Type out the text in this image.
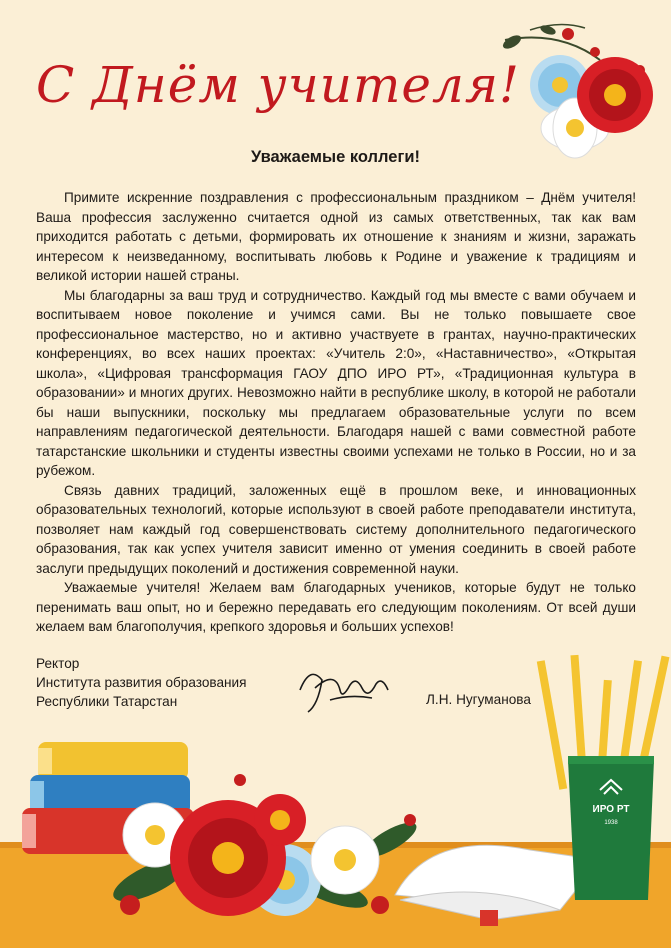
ИРО РТ
1938
С Днём учителя!
Уважаемые коллеги!

Примите искренние поздравления с профессиональным праздником – Днём учителя! Ваша профессия заслуженно считается одной из самых ответственных, так как вам приходится работать с детьми, формировать их отношение к знаниям и жизни, заражать интересом к неизведанному, воспитывать любовь к Родине и уважение к традициям и великой истории нашей страны.

Мы благодарны за ваш труд и сотрудничество. Каждый год мы вместе с вами обучаем и воспитываем новое поколение и учимся сами. Вы не только повышаете свое профессиональное мастерство, но и активно участвуете в грантах, научно-практических конференциях, во всех наших проектах: «Учитель 2:0», «Наставничество», «Открытая школа», «Цифровая трансформация ГАОУ ДПО ИРО РТ», «Традиционная культура в образовании» и многих других. Невозможно найти в республике школу, в которой не работали бы наши выпускники, поскольку мы предлагаем образовательные услуги по всем направлениям педагогической деятельности. Благодаря нашей с вами совместной работе татарстанские школьники и студенты известны своими успехами не только в России, но и за рубежом.

Связь давних традиций, заложенных ещё в прошлом веке, и инновационных образовательных технологий, которые используют в своей работе преподаватели института, позволяет нам каждый год совершенствовать систему дополнительного педагогического образования, так как успех учителя зависит именно от умения соединить в своей работе заслуги предыдущих поколений и достижения современной науки.

Уважаемые учителя! Желаем вам благодарных учеников, которые будут не только перенимать ваш опыт, но и бережно передавать его следующим поколениям. От всей души желаем вам благополучия, крепкого здоровья и больших успехов!

Ректор
Института развития образования
Республики Татарстан	Л.Н. Нугуманова
